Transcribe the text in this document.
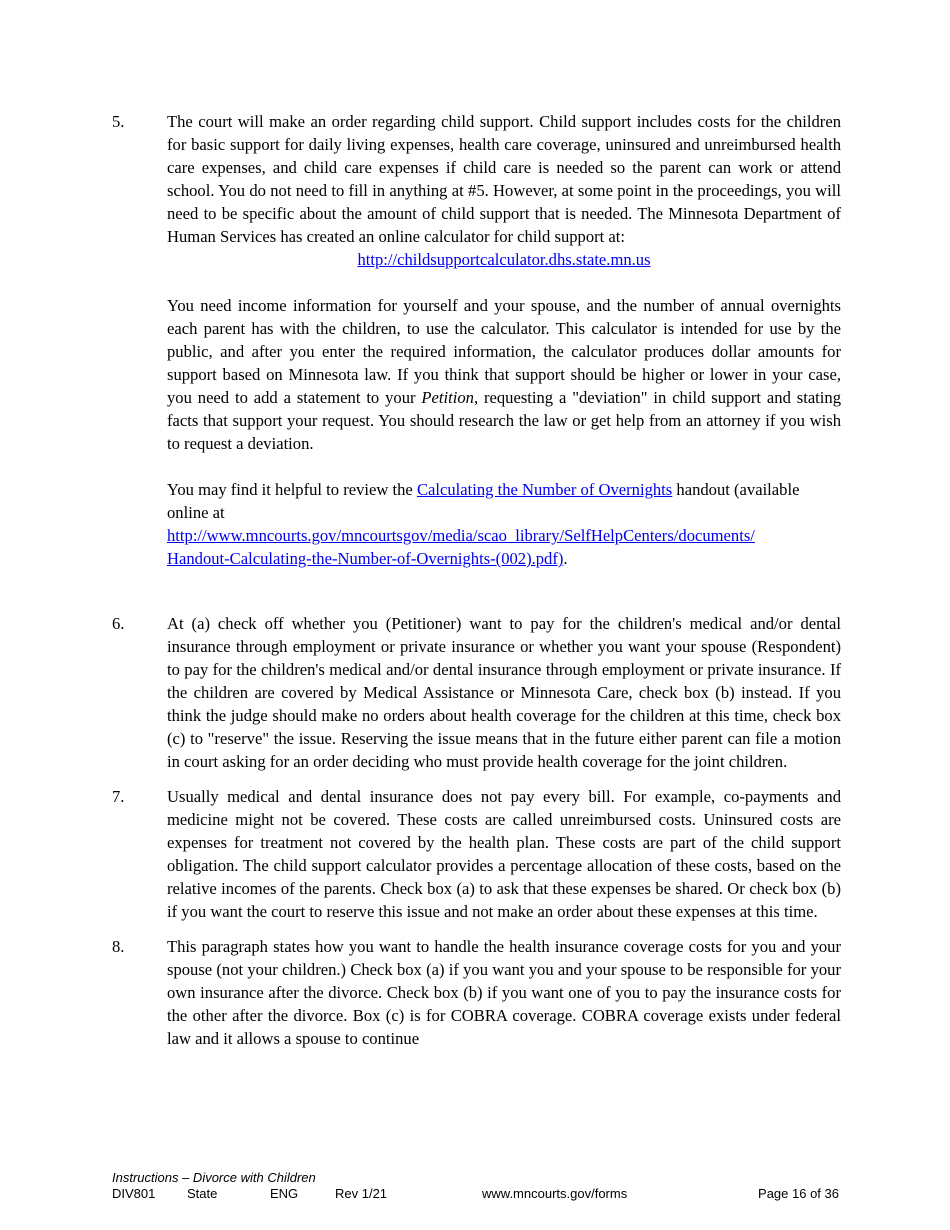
5.	The court will make an order regarding child support. Child support includes costs for the children for basic support for daily living expenses, health care coverage, uninsured and unreimbursed health care expenses, and child care expenses if child care is needed so the parent can work or attend school. You do not need to fill in anything at #5. However, at some point in the proceedings, you will need to be specific about the amount of child support that is needed. The Minnesota Department of Human Services has created an online calculator for child support at:

http://childsupportcalculator.dhs.state.mn.us

You need income information for yourself and your spouse, and the number of annual overnights each parent has with the children, to use the calculator. This calculator is intended for use by the public, and after you enter the required information, the calculator produces dollar amounts for support based on Minnesota law. If you think that support should be higher or lower in your case, you need to add a statement to your Petition, requesting a "deviation" in child support and stating facts that support your request. You should research the law or get help from an attorney if you wish to request a deviation.

You may find it helpful to review the Calculating the Number of Overnights handout (available online at
http://www.mncourts.gov/mncourtsgov/media/scao_library/SelfHelpCenters/documents/
Handout-Calculating-the-Number-of-Overnights-(002).pdf).

6.	At (a) check off whether you (Petitioner) want to pay for the children's medical and/or dental insurance through employment or private insurance or whether you want your spouse (Respondent) to pay for the children's medical and/or dental insurance through employment or private insurance. If the children are covered by Medical Assistance or Minnesota Care, check box (b) instead. If you think the judge should make no orders about health coverage for the children at this time, check box (c) to "reserve" the issue. Reserving the issue means that in the future either parent can file a motion in court asking for an order deciding who must provide health coverage for the joint children.

7.	Usually medical and dental insurance does not pay every bill. For example, co-payments and medicine might not be covered. These costs are called unreimbursed costs. Uninsured costs are expenses for treatment not covered by the health plan. These costs are part of the child support obligation. The child support calculator provides a percentage allocation of these costs, based on the relative incomes of the parents. Check box (a) to ask that these expenses be shared. Or check box (b) if you want the court to reserve this issue and not make an order about these expenses at this time.

8.	This paragraph states how you want to handle the health insurance coverage costs for you and your spouse (not your children.) Check box (a) if you want you and your spouse to be responsible for your own insurance after the divorce. Check box (b) if you want one of you to pay the insurance costs for the other after the divorce. Box (c) is for COBRA coverage. COBRA coverage exists under federal law and it allows a spouse to continue

Instructions – Divorce with Children
DIV801 State	ENG	Rev 1/21	www.mncourts.gov/forms	Page 16 of 36
